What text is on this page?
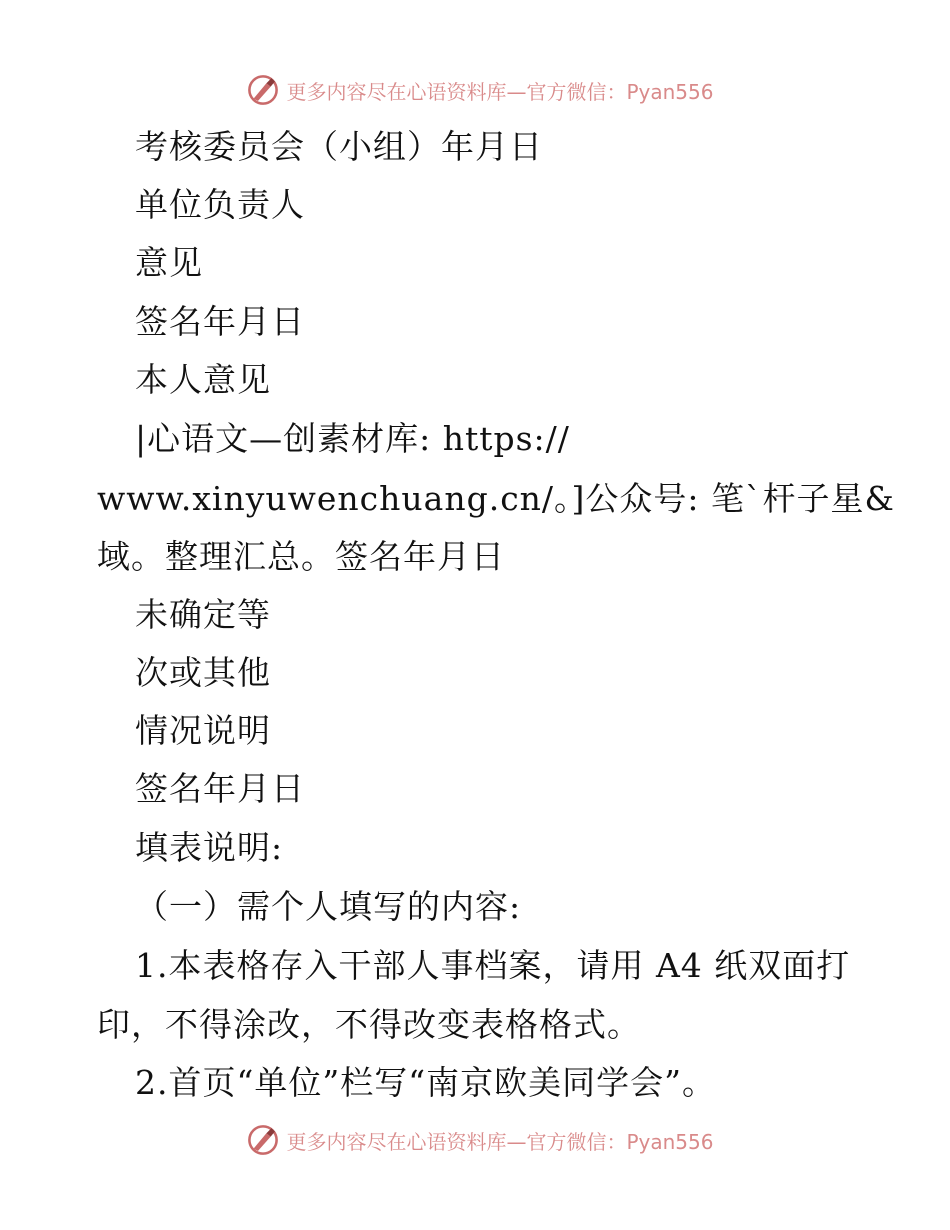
更多内容尽在心语资料库—官方微信：Pyan556
考核委员会（小组）年月日
单位负责人
意见
签名年月日
本人意见
|心语文—创素材库: https://
www.xinyuwenchuang.cn/。]公众号: 笔`杆子星&
域。整理汇总。签名年月日
未确定等
次或其他
情况说明
签名年月日
填表说明:
（一）需个人填写的内容:
1.本表格存入干部人事档案，请用 A4 纸双面打
印，不得涂改，不得改变表格格式。
2.首页“单位”栏写“南京欧美同学会”。
更多内容尽在心语资料库—官方微信：Pyan556
